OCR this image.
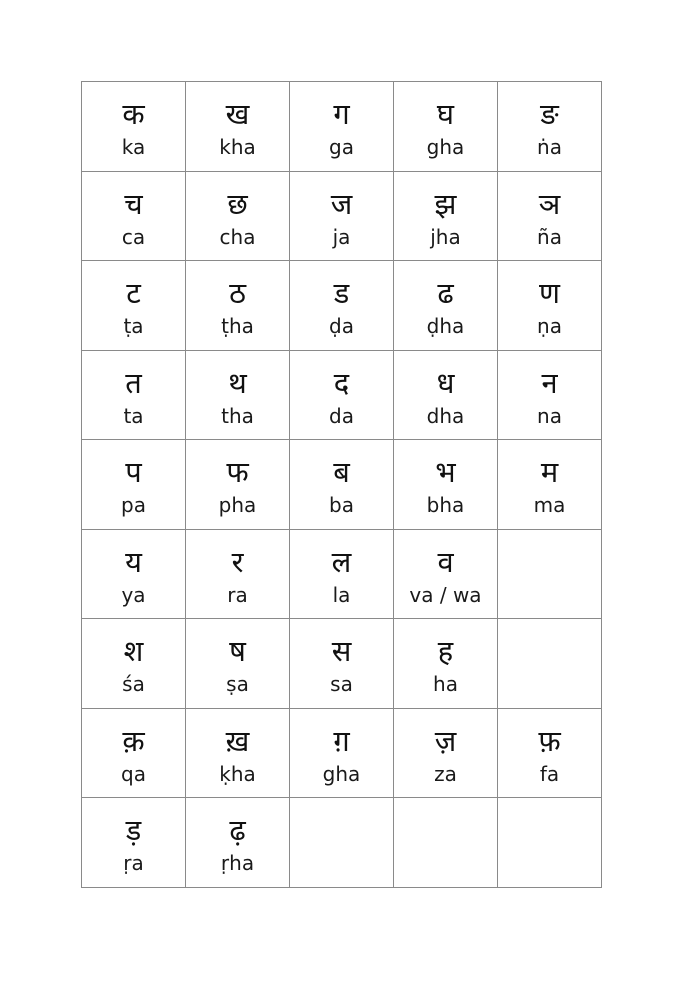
क
ka	ख
kha	ग
ga	घ
gha	ङ
ṅa

च
ca	छ
cha	ज
ja	झ
jha	ञ
ña

ट
ṭa	ठ
ṭha	ड
ḍa	ढ
ḍha	ण
ṇa

त
ta	थ
tha	द
da	ध
dha	न
na

प
pa	फ
pha	ब
ba	भ
bha	म
ma

य
ya	र
ra	ल
la	व
va / wa	

श
śa	ष
ṣa	स
sa	ह
ha	

क़
qa	ख़
ḳha	ग़
gha	ज़
za	फ़
fa

ड़
ṛa	ढ़
ṛha			
